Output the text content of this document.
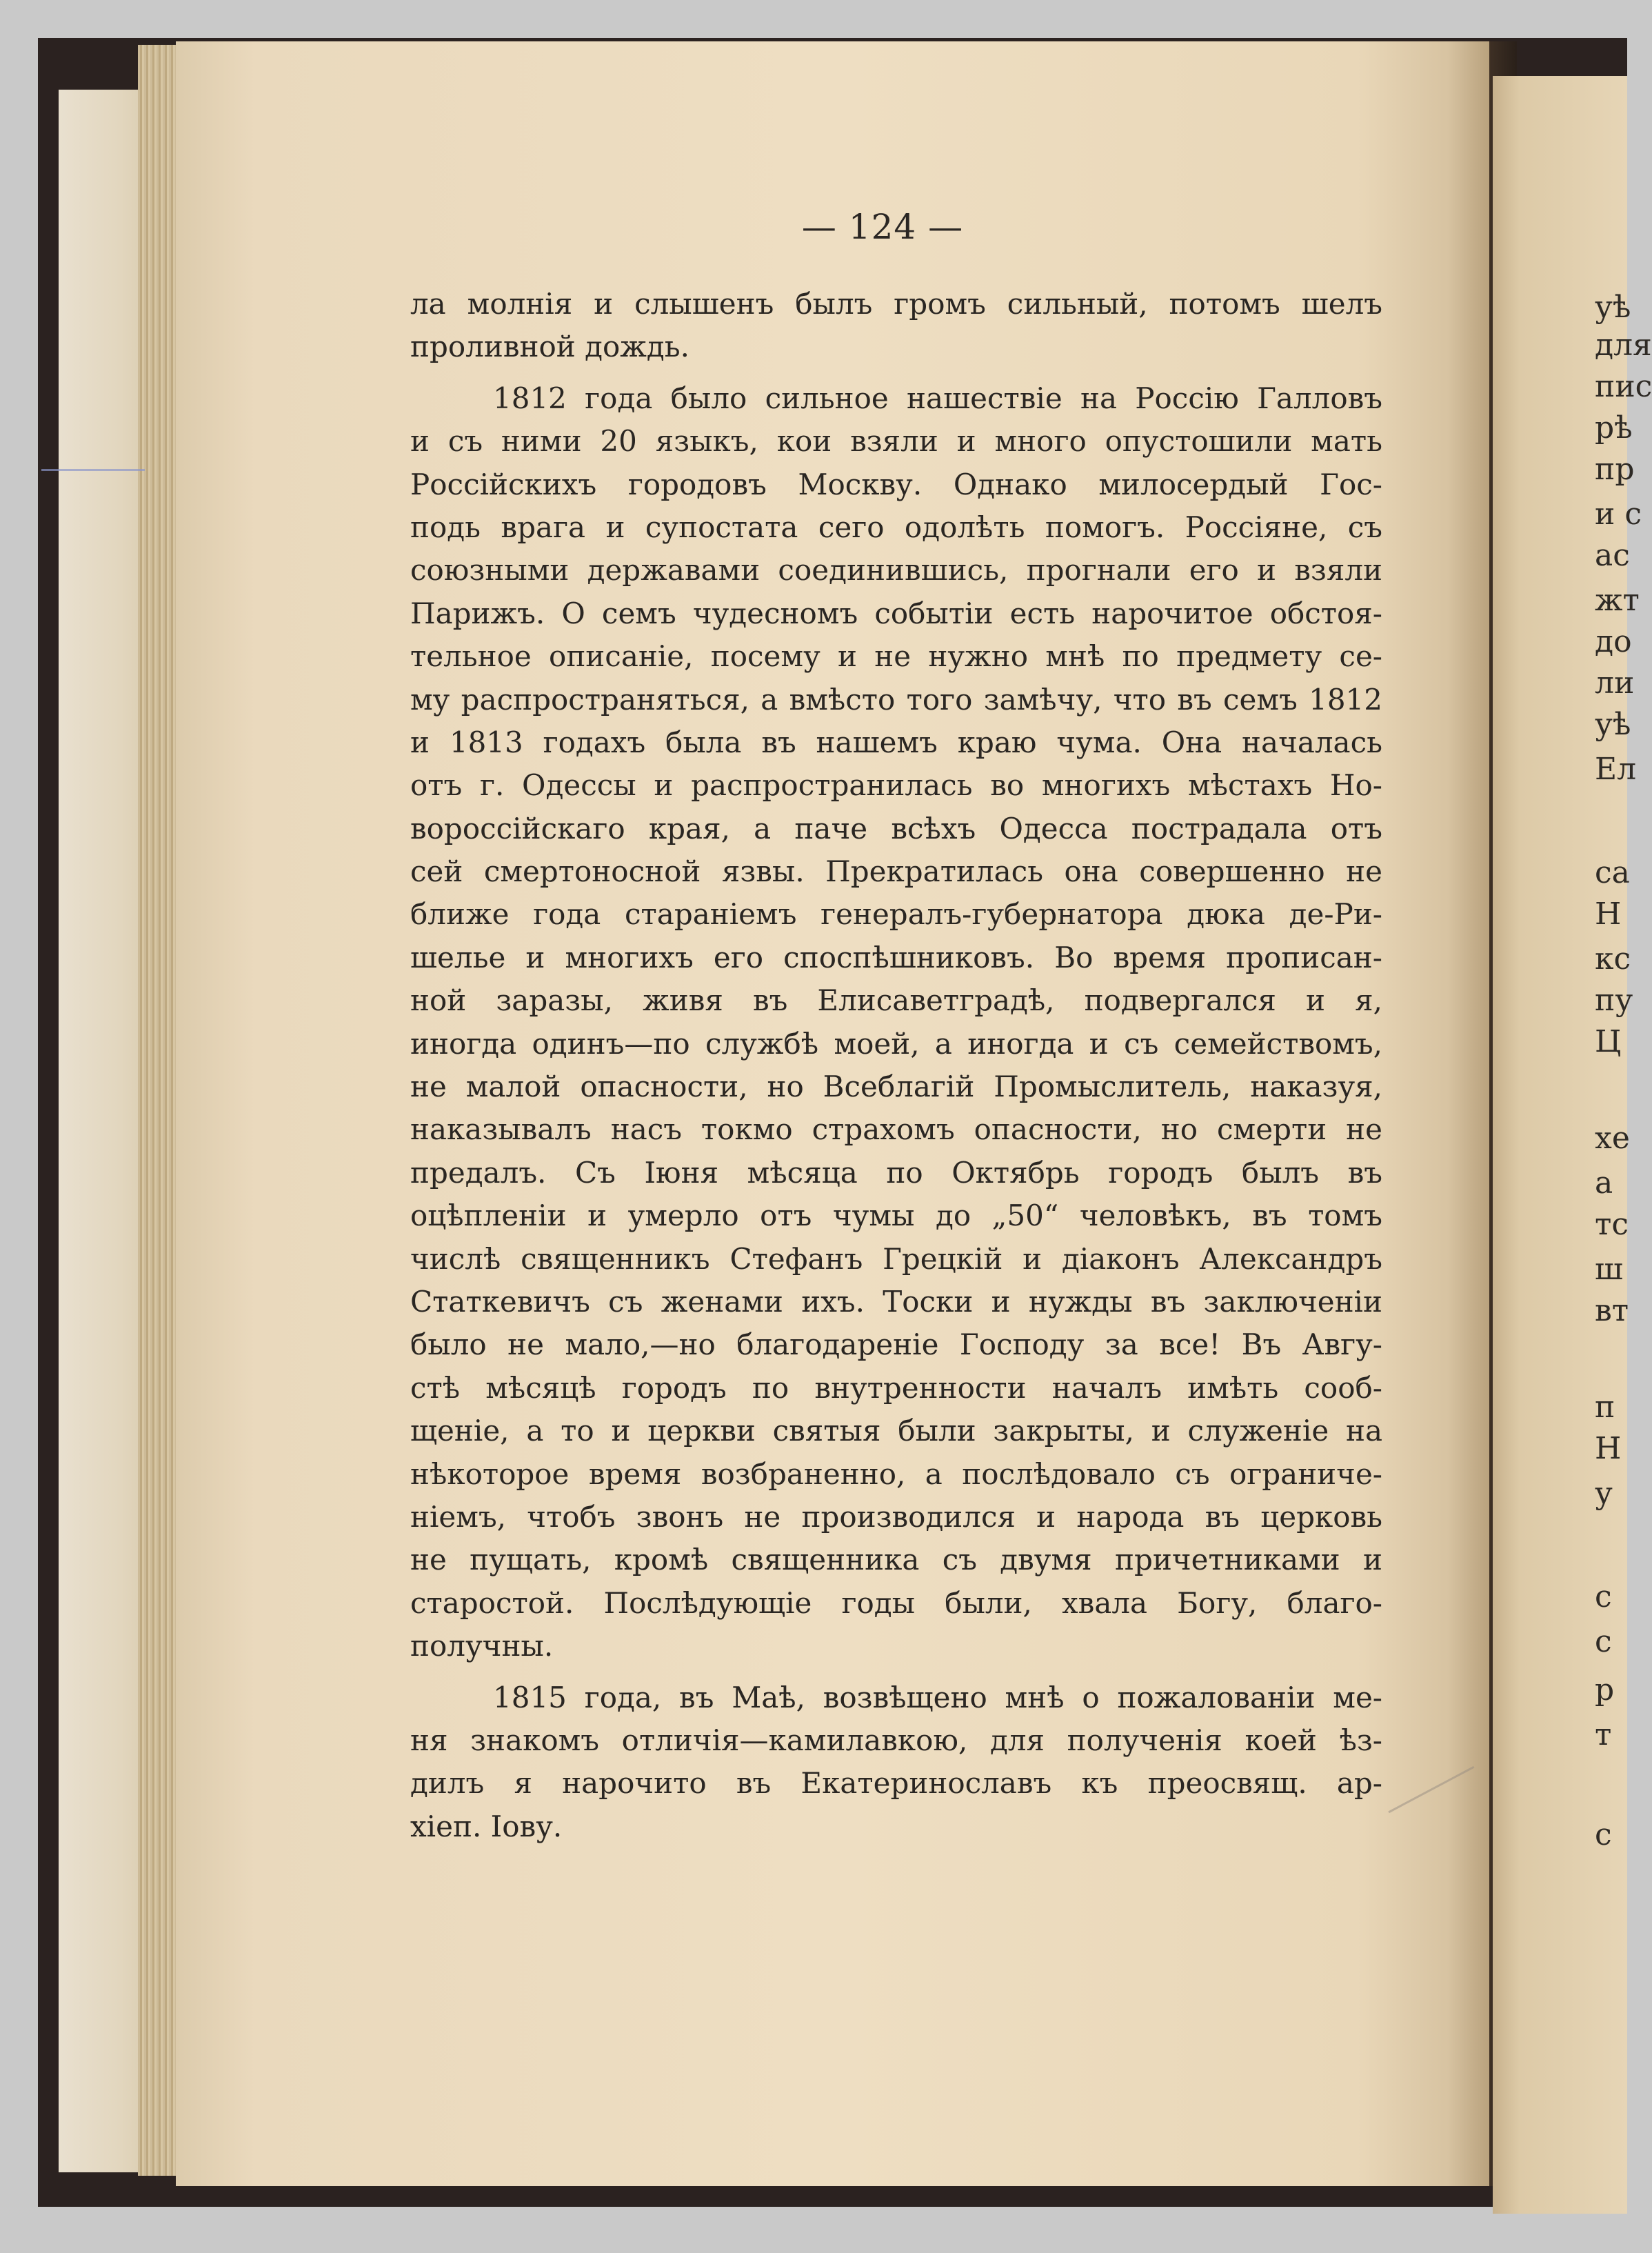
уѣ
для
пис
рѣ
пр
и с
ас
жт
до
ли
уѣ
Ел
са
Н
кс
пу
Ц
хе
а
тс
ш
вт
п
Н
у
с
с
р
т
с
— 124 —
ла молнія и слышенъ былъ громъ сильный, потомъ шелъ
проливной дождь.
1812 года было сильное нашествіе на Россію Галловъ
и съ ними 20 языкъ, кои взяли и много опустошили мать
Россійскихъ городовъ Москву. Однако милосердый Гос-
подь врага и супостата сего одолѣть помогъ. Россіяне, съ
союзными державами соединившись, прогнали его и взяли
Парижъ. О семъ чудесномъ событіи есть нарочитое обстоя-
тельное описаніе, посему и не нужно мнѣ по предмету се-
му распространяться, а вмѣсто того замѣчу, что въ семъ 1812
и 1813 годахъ была въ нашемъ краю чума. Она началась
отъ г. Одессы и распространилась во многихъ мѣстахъ Но-
вороссійскаго края, а паче всѣхъ Одесса пострадала отъ
сей смертоносной язвы. Прекратилась она совершенно не
ближе года стараніемъ генералъ-губернатора дюка де-Ри-
шелье и многихъ его споспѣшниковъ. Во время прописан-
ной заразы, живя въ Елисаветградѣ, подвергался и я,
иногда одинъ—по службѣ моей, а иногда и съ семействомъ,
не малой опасности, но Всеблагій Промыслитель, наказуя,
наказывалъ насъ токмо страхомъ опасности, но смерти не
предалъ. Съ Іюня мѣсяца по Октябрь городъ былъ въ
оцѣпленіи и умерло отъ чумы до „50“ человѣкъ, въ томъ
числѣ священникъ Стефанъ Грецкій и діаконъ Александръ
Статкевичъ съ женами ихъ. Тоски и нужды въ заключеніи
было не мало,—но благодареніе Господу за все! Въ Авгу-
стѣ мѣсяцѣ городъ по внутренности началъ имѣть сооб-
щеніе, а то и церкви святыя были закрыты, и служеніе на
нѣкоторое время возбраненно, а послѣдовало съ ограниче-
ніемъ, чтобъ звонъ не производился и народа въ церковь
не пущать, кромѣ священника съ двумя причетниками и
старостой. Послѣдующіе годы были, хвала Богу, благо-
получны.
1815 года, въ Маѣ, возвѣщено мнѣ о пожалованіи ме-
ня знакомъ отличія—камилавкою, для полученія коей ѣз-
дилъ я нарочито въ Екатеринославъ къ преосвящ. ар-
хіеп. Іову.
